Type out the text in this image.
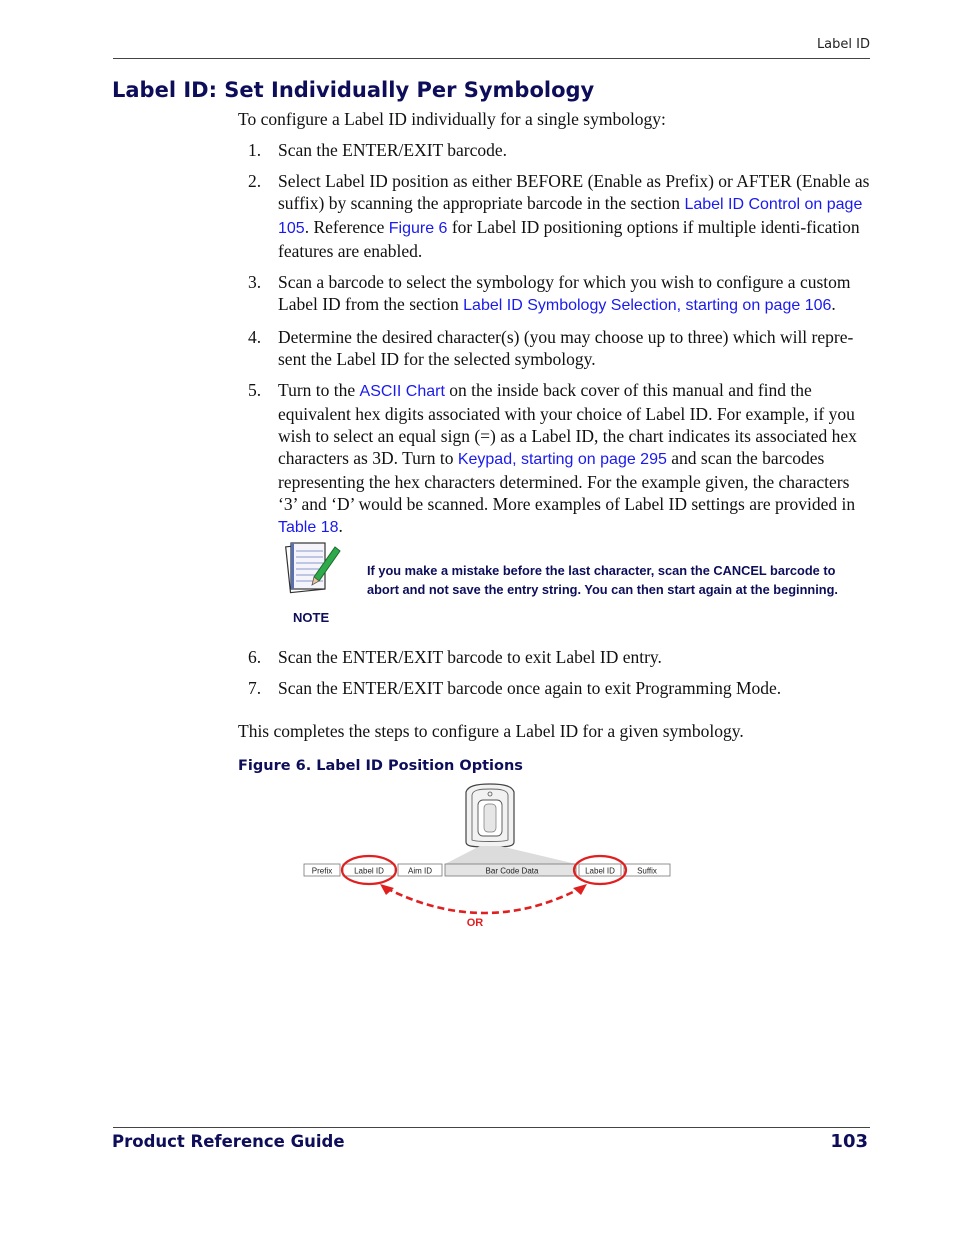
Label ID
Label ID: Set Individually Per Symbology

To configure a Label ID individually for a single symbology:

1. Scan the ENTER/EXIT barcode.
2. Select Label ID position as either BEFORE (Enable as Prefix) or AFTER (Enable as suffix) by scanning the appropriate barcode in the section Label ID Control on page 105. Reference Figure 6 for Label ID positioning options if multiple identi-fication features are enabled.
3. Scan a barcode to select the symbology for which you wish to configure a custom Label ID from the section Label ID Symbology Selection, starting on page 106.
4. Determine the desired character(s) (you may choose up to three) which will repre-sent the Label ID for the selected symbology.
5. Turn to the ASCII Chart on the inside back cover of this manual and find the equivalent hex digits associated with your choice of Label ID. For example, if you wish to select an equal sign (=) as a Label ID, the chart indicates its associated hex characters as 3D. Turn to Keypad, starting on page 295 and scan the barcodes representing the hex characters determined. For the example given, the characters ‘3’ and ‘D’ would be scanned. More examples of Label ID settings are provided in Table 18.
NOTE
If you make a mistake before the last character, scan the CANCEL barcode to abort and not save the entry string. You can then start again at the beginning.
6. Scan the ENTER/EXIT barcode to exit Label ID entry.
7. Scan the ENTER/EXIT barcode once again to exit Programming Mode.

This completes the steps to configure a Label ID for a given symbology.

Figure 6. Label ID Position Options
Prefix	Label ID	Aim ID	Bar Code Data	Label ID	Suffix
OR
Product Reference Guide	103
